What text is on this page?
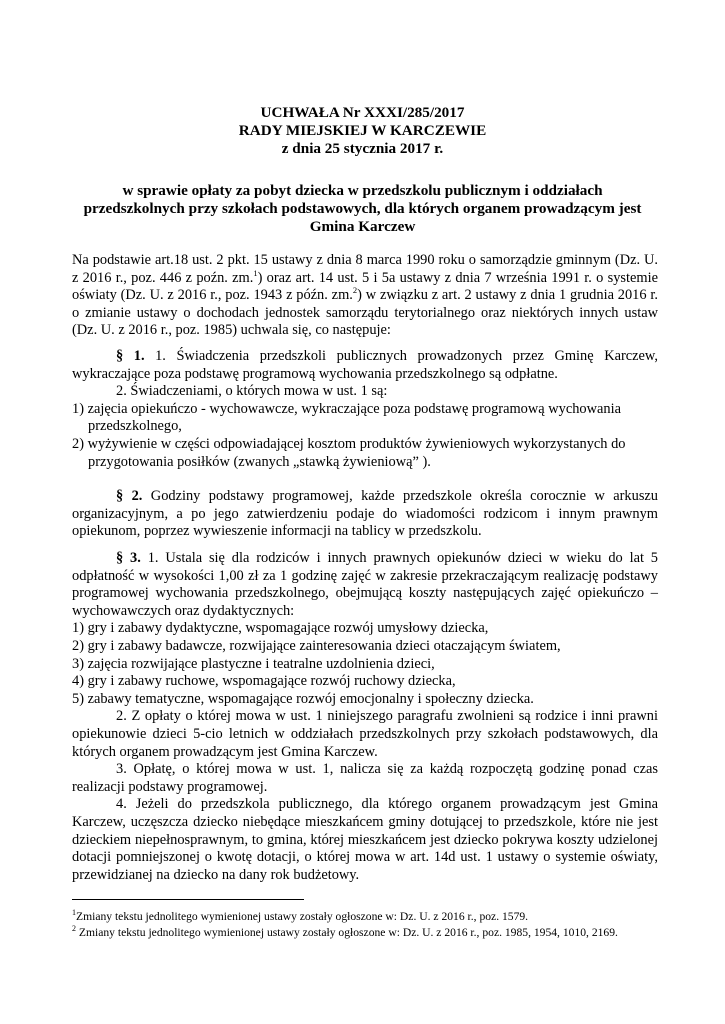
UCHWAŁA Nr XXXI/285/2017
RADY MIEJSKIEJ W KARCZEWIE
z dnia 25 stycznia 2017 r.
w sprawie opłaty za pobyt dziecka w przedszkolu publicznym i oddziałach
przedszkolnych przy szkołach podstawowych, dla których organem prowadzącym jest
Gmina Karczew

Na podstawie art.18 ust. 2 pkt. 15 ustawy z dnia 8 marca 1990 roku o samorządzie gminnym (Dz. U. z 2016 r., poz. 446 z poźn. zm.$^1$) oraz art. 14 ust. 5 i 5a ustawy z dnia 7 września 1991 r. o systemie oświaty (Dz. U. z 2016 r., poz. 1943 z późn. zm.$^2$) w związku z art. 2 ustawy z dnia 1 grudnia 2016 r. o zmianie ustawy o dochodach jednostek samorządu terytorialnego oraz niektórych innych ustaw (Dz. U. z 2016 r., poz. 1985) uchwala się, co następuje:

§ 1. 1. Świadczenia przedszkoli publicznych prowadzonych przez Gminę Karczew, wykraczające poza podstawę programową wychowania przedszkolnego są odpłatne.

2. Świadczeniami, o których mowa w ust. 1 są:

1) zajęcia opiekuńczo - wychowawcze, wykraczające poza podstawę programową wychowania przedszkolnego,

2) wyżywienie w części odpowiadającej kosztom produktów żywieniowych wykorzystanych do przygotowania posiłków (zwanych „stawką żywieniową” ).

§ 2. Godziny podstawy programowej, każde przedszkole określa corocznie w arkuszu organizacyjnym, a po jego zatwierdzeniu podaje do wiadomości rodzicom i innym prawnym opiekunom, poprzez wywieszenie informacji na tablicy w przedszkolu.

§ 3. 1. Ustala się dla rodziców i innych prawnych opiekunów dzieci w wieku do lat 5 odpłatność w wysokości 1,00 zł za 1 godzinę zajęć w zakresie przekraczającym realizację podstawy programowej wychowania przedszkolnego, obejmującą koszty następujących zajęć opiekuńczo – wychowawczych oraz dydaktycznych:

1) gry i zabawy dydaktyczne, wspomagające rozwój umysłowy dziecka,

2) gry i zabawy badawcze, rozwijające zainteresowania dzieci otaczającym światem,

3) zajęcia rozwijające plastyczne i teatralne uzdolnienia dzieci,

4) gry i zabawy ruchowe, wspomagające rozwój ruchowy dziecka,

5) zabawy tematyczne, wspomagające rozwój emocjonalny i społeczny dziecka.

2. Z opłaty o której mowa w ust. 1 niniejszego paragrafu zwolnieni są rodzice i inni prawni opiekunowie dzieci 5-cio letnich w oddziałach przedszkolnych przy szkołach podstawowych, dla których organem prowadzącym jest Gmina Karczew.

3. Opłatę, o której mowa w ust. 1, nalicza się za każdą rozpoczętą godzinę ponad czas realizacji podstawy programowej.

4. Jeżeli do przedszkola publicznego, dla którego organem prowadzącym jest Gmina Karczew, uczęszcza dziecko niebędące mieszkańcem gminy dotującej to przedszkole, które nie jest dzieckiem niepełnosprawnym, to gmina, której mieszkańcem jest dziecko pokrywa koszty udzielonej dotacji pomniejszonej o kwotę dotacji, o której mowa w art. 14d ust. 1 ustawy o systemie oświaty, przewidzianej na dziecko na dany rok budżetowy.

$^1$Zmiany tekstu jednolitego wymienionej ustawy zostały ogłoszone w: Dz. U. z 2016 r., poz. 1579.
$^2$ Zmiany tekstu jednolitego wymienionej ustawy zostały ogłoszone w: Dz. U. z 2016 r., poz. 1985, 1954, 1010, 2169.
